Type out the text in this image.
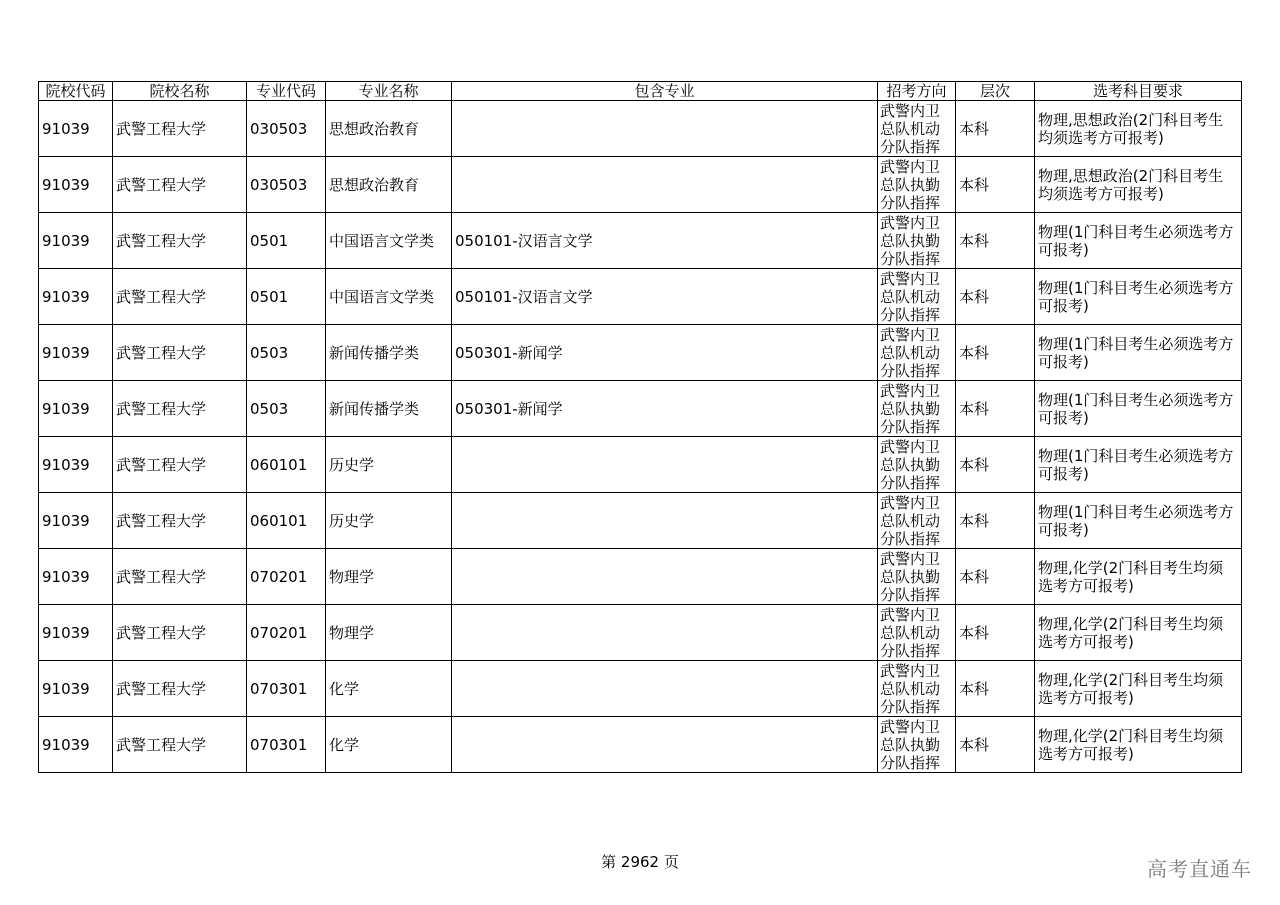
院校代码	院校名称	专业代码	专业名称	包含专业	招考方向	层次	选考科目要求
91039	武警工程大学	030503	思想政治教育		武警内卫总队机动分队指挥	本科	物理,思想政治(2门科目考生均须选考方可报考)
91039	武警工程大学	030503	思想政治教育		武警内卫总队执勤分队指挥	本科	物理,思想政治(2门科目考生均须选考方可报考)
91039	武警工程大学	0501	中国语言文学类	050101-汉语言文学	武警内卫总队执勤分队指挥	本科	物理(1门科目考生必须选考方可报考)
91039	武警工程大学	0501	中国语言文学类	050101-汉语言文学	武警内卫总队机动分队指挥	本科	物理(1门科目考生必须选考方可报考)
91039	武警工程大学	0503	新闻传播学类	050301-新闻学	武警内卫总队机动分队指挥	本科	物理(1门科目考生必须选考方可报考)
91039	武警工程大学	0503	新闻传播学类	050301-新闻学	武警内卫总队执勤分队指挥	本科	物理(1门科目考生必须选考方可报考)
91039	武警工程大学	060101	历史学		武警内卫总队执勤分队指挥	本科	物理(1门科目考生必须选考方可报考)
91039	武警工程大学	060101	历史学		武警内卫总队机动分队指挥	本科	物理(1门科目考生必须选考方可报考)
91039	武警工程大学	070201	物理学		武警内卫总队执勤分队指挥	本科	物理,化学(2门科目考生均须选考方可报考)
91039	武警工程大学	070201	物理学		武警内卫总队机动分队指挥	本科	物理,化学(2门科目考生均须选考方可报考)
91039	武警工程大学	070301	化学		武警内卫总队机动分队指挥	本科	物理,化学(2门科目考生均须选考方可报考)
91039	武警工程大学	070301	化学		武警内卫总队执勤分队指挥	本科	物理,化学(2门科目考生均须选考方可报考)
第 2962 页	高考直通车
